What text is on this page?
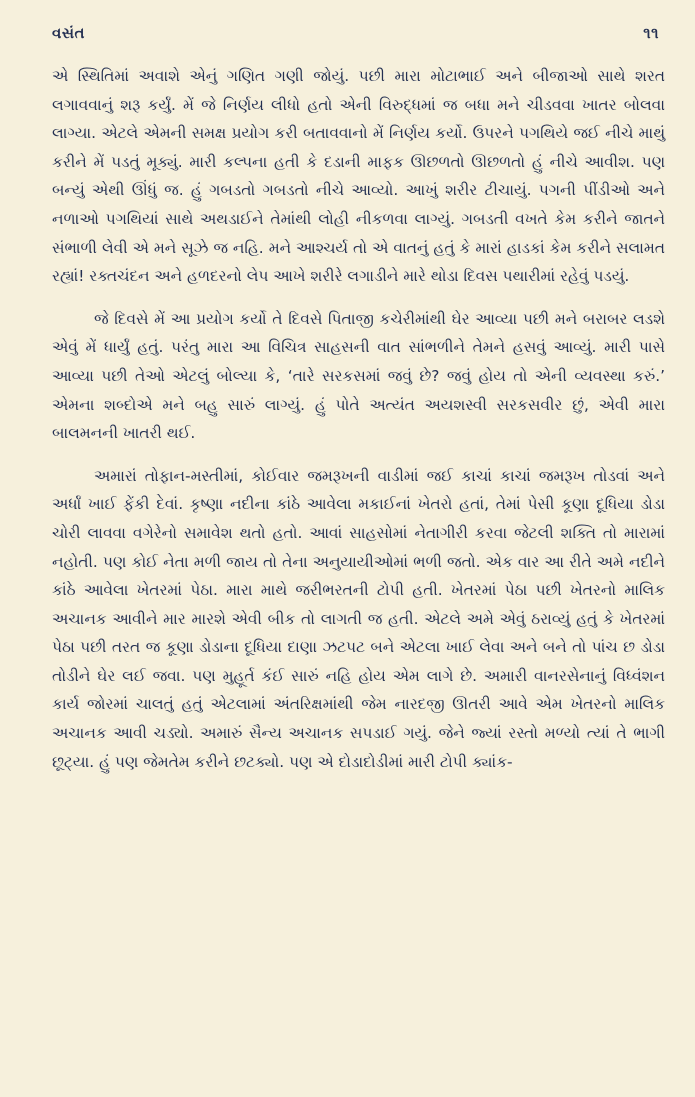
વસંત	૧૧

એ સ્થિતિમાં અવાશે એનું ગણિત ગણી જોયું. પછી મારા મોટાભાઈ અને બીજાઓ સાથે શરત લગાવવાનું શરૂ કર્યું. મેં જે નિર્ણય લીધો હતો એની વિરુદ્ધમાં જ બધા મને ચીડવવા ખાતર બોલવા લાગ્યા. એટલે એમની સમક્ષ પ્રયોગ કરી બતાવવાનો મેં નિર્ણય કર્યો. ઉપરને પગથિયે જઈ નીચે માથું કરીને મેં પડતું મૂક્યું. મારી કલ્પના હતી કે દડાની માફક ઊછળતો ઊછળતો હું નીચે આવીશ. પણ બન્યું એથી ઊંધું જ. હું ગબડતો ગબડતો નીચે આવ્યો. આખું શરીર ટીચાયું. પગની પીંડીઓ અને નળાઓ પગથિયાં સાથે અથડાઈને તેમાંથી લોહી નીકળવા લાગ્યું. ગબડતી વખતે કેમ કરીને જાતને સંભાળી લેવી એ મને સૂઝે જ નહિ. મને આશ્ચર્ય તો એ વાતનું હતું કે મારાં હાડકાં કેમ કરીને સલામત રહ્યાં! રક્તચંદન અને હળદરનો લેપ આખે શરીરે લગાડીને મારે થોડા દિવસ પથારીમાં રહેવું પડયું.

જે દિવસે મેં આ પ્રયોગ કર્યો તે દિવસે પિતાજી કચેરીમાંથી ઘેર આવ્યા પછી મને બરાબર લડશે એવું મેં ધાર્યું હતું. પરંતુ મારા આ વિચિત્ર સાહસની વાત સાંભળીને તેમને હસવું આવ્યું. મારી પાસે આવ્યા પછી તેઓ એટલું બોલ્યા કે, ‘તારે સરકસમાં જવું છે? જવું હોય તો એની વ્યવસ્થા કરું.’ એમના શબ્દોએ મને બહુ સારું લાગ્યું. હું પોતે અત્યંત અયશસ્વી સરકસવીર છું, એવી મારા બાલમનની ખાતરી થઈ.

અમારાં તોફાન-મસ્તીમાં, કોઈવાર જમરૂખની વાડીમાં જઈ કાચાં કાચાં જમરૂખ તોડવાં અને અર્ધાં ખાઈ ફેંકી દેવાં. કૃષ્ણા નદીના કાંઠે આવેલા મકાઈનાં ખેતરો હતાં, તેમાં પેસી કૂણા દૂધિયા ડોડા ચોરી લાવવા વગેરેનો સમાવેશ થતો હતો. આવાં સાહસોમાં નેતાગીરી કરવા જેટલી શક્તિ તો મારામાં નહોતી. પણ કોઈ નેતા મળી જાય તો તેના અનુયાયીઓમાં ભળી જતો. એક વાર આ રીતે અમે નદીને કાંઠે આવેલા ખેતરમાં પેઠા. મારા માથે જરીભરતની ટોપી હતી. ખેતરમાં પેઠા પછી ખેતરનો માલિક અચાનક આવીને માર મારશે એવી બીક તો લાગતી જ હતી. એટલે અમે એવું ઠરાવ્યું હતું કે ખેતરમાં પેઠા પછી તરત જ કૂણા ડોડાના દૂધિયા દાણા ઝટપટ બને એટલા ખાઈ લેવા અને બને તો પાંચ છ ડોડા તોડીને ઘેર લઈ જવા. પણ મુહૂર્ત કંઈ સારું નહિ હોય એમ લાગે છે. અમારી વાનરસેનાનું વિધ્વંશન કાર્ય જોરમાં ચાલતું હતું એટલામાં અંતરિક્ષમાંથી જેમ નારદજી ઊતરી આવે એમ ખેતરનો માલિક અચાનક આવી ચડ્યો. અમારું સૈન્ય અચાનક સપડાઈ ગયું. જેને જ્યાં રસ્તો મળ્યો ત્યાં તે ભાગી છૂટ્યા. હું પણ જેમતેમ કરીને છટક્યો. પણ એ દોડાદોડીમાં મારી ટોપી ક્યાંક-
